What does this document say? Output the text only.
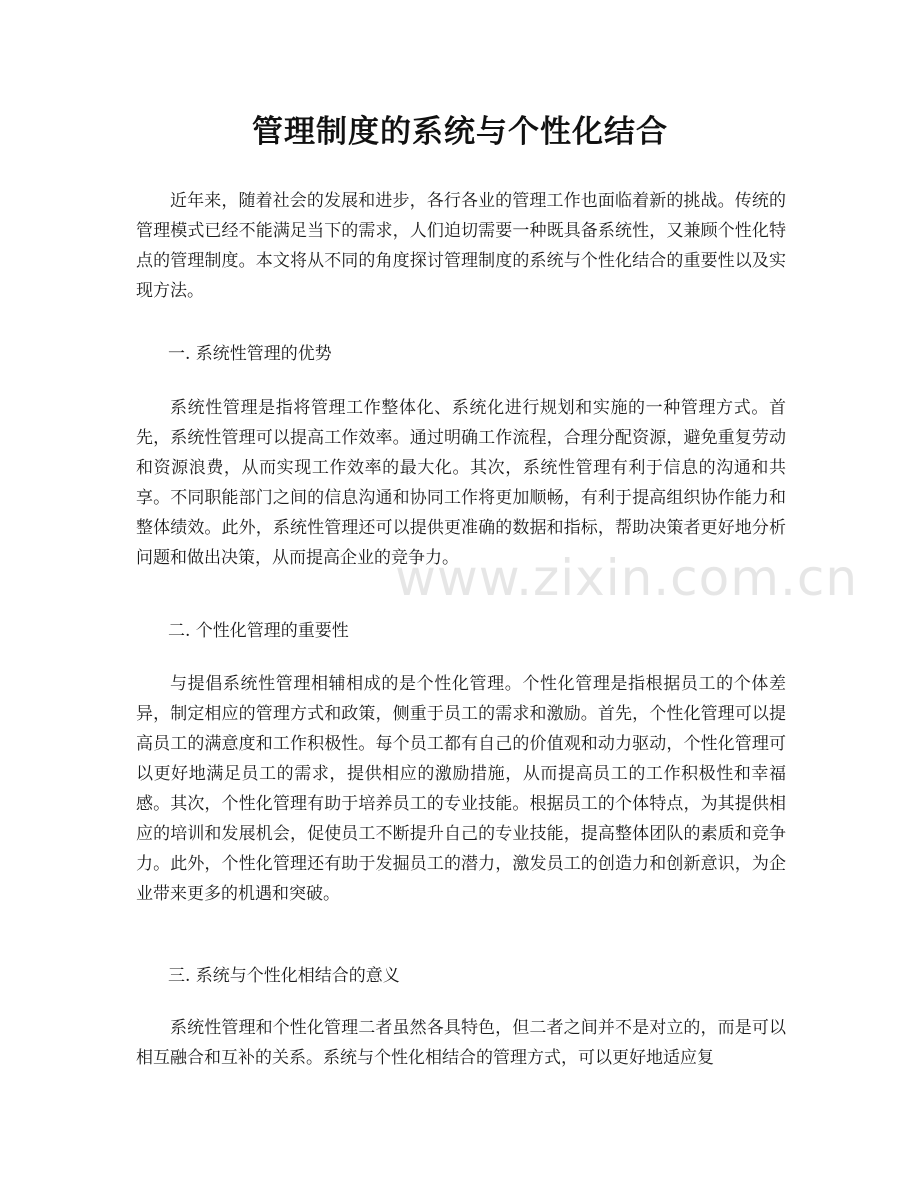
管理制度的系统与个性化结合

近年来，随着社会的发展和进步，各行各业的管理工作也面临着新的挑战。传统的管理模式已经不能满足当下的需求，人们迫切需要一种既具备系统性，又兼顾个性化特点的管理制度。本文将从不同的角度探讨管理制度的系统与个性化结合的重要性以及实现方法。

一. 系统性管理的优势

系统性管理是指将管理工作整体化、系统化进行规划和实施的一种管理方式。首先，系统性管理可以提高工作效率。通过明确工作流程，合理分配资源，避免重复劳动和资源浪费，从而实现工作效率的最大化。其次，系统性管理有利于信息的沟通和共享。不同职能部门之间的信息沟通和协同工作将更加顺畅，有利于提高组织协作能力和整体绩效。此外，系统性管理还可以提供更准确的数据和指标，帮助决策者更好地分析问题和做出决策，从而提高企业的竞争力。

www.zixin.com.cn

二. 个性化管理的重要性

与提倡系统性管理相辅相成的是个性化管理。个性化管理是指根据员工的个体差异，制定相应的管理方式和政策，侧重于员工的需求和激励。首先，个性化管理可以提高员工的满意度和工作积极性。每个员工都有自己的价值观和动力驱动，个性化管理可以更好地满足员工的需求，提供相应的激励措施，从而提高员工的工作积极性和幸福感。其次，个性化管理有助于培养员工的专业技能。根据员工的个体特点，为其提供相应的培训和发展机会，促使员工不断提升自己的专业技能，提高整体团队的素质和竞争力。此外，个性化管理还有助于发掘员工的潜力，激发员工的创造力和创新意识，为企业带来更多的机遇和突破。

三. 系统与个性化相结合的意义

系统性管理和个性化管理二者虽然各具特色，但二者之间并不是对立的，而是可以相互融合和互补的关系。系统与个性化相结合的管理方式，可以更好地适应复
